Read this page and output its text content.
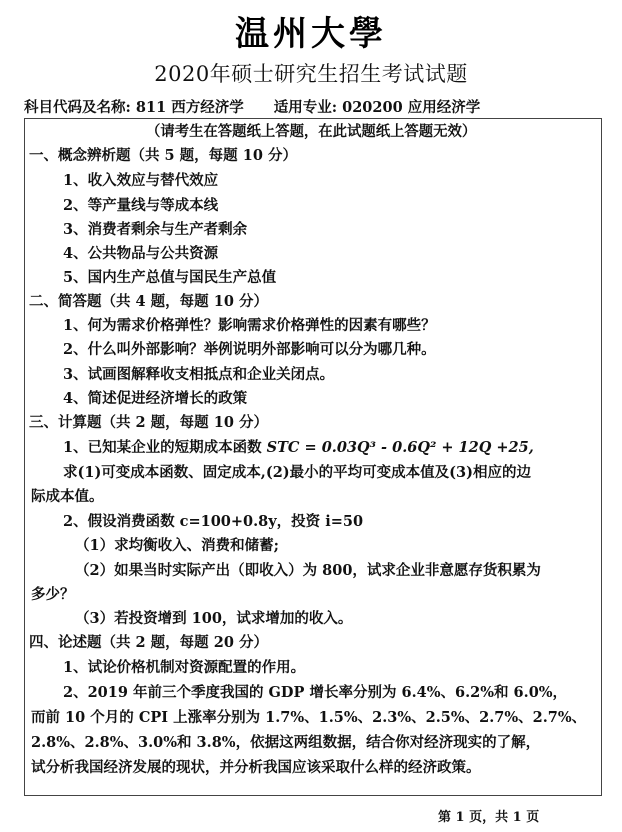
温州大學
2020年硕士研究生招生考试试题
科目代码及名称: 811 西方经济学 适用专业: 020200 应用经济学
（请考生在答题纸上答题，在此试题纸上答题无效）
一、概念辨析题（共 5 题，每题 10 分）
1、收入效应与替代效应
2、等产量线与等成本线
3、消费者剩余与生产者剩余
4、公共物品与公共资源
5、国内生产总值与国民生产总值
二、简答题（共 4 题，每题 10 分）
1、何为需求价格弹性？影响需求价格弹性的因素有哪些？
2、什么叫外部影响？举例说明外部影响可以分为哪几种。
3、试画图解释收支相抵点和企业关闭点。
4、简述促进经济增长的政策
三、计算题（共 2 题，每题 10 分）
1、已知某企业的短期成本函数 STC = 0.03Q³ - 0.6Q² + 12Q +25,
求(1)可变成本函数、固定成本,(2)最小的平均可变成本值及(3)相应的边
际成本值。
2、假设消费函数 c=100+0.8y，投资 i=50
（1）求均衡收入、消费和储蓄;
（2）如果当时实际产出（即收入）为 800，试求企业非意愿存货积累为
多少？
（3）若投资增到 100，试求增加的收入。
四、论述题（共 2 题，每题 20 分）
1、试论价格机制对资源配置的作用。
2、2019 年前三个季度我国的 GDP 增长率分别为 6.4%、6.2%和 6.0%，
而前 10 个月的 CPI 上涨率分别为 1.7%、1.5%、2.3%、2.5%、2.7%、2.7%、
2.8%、2.8%、3.0%和 3.8%，依据这两组数据，结合你对经济现实的了解，
试分析我国经济发展的现状，并分析我国应该采取什么样的经济政策。
第 1 页，共 1 页
